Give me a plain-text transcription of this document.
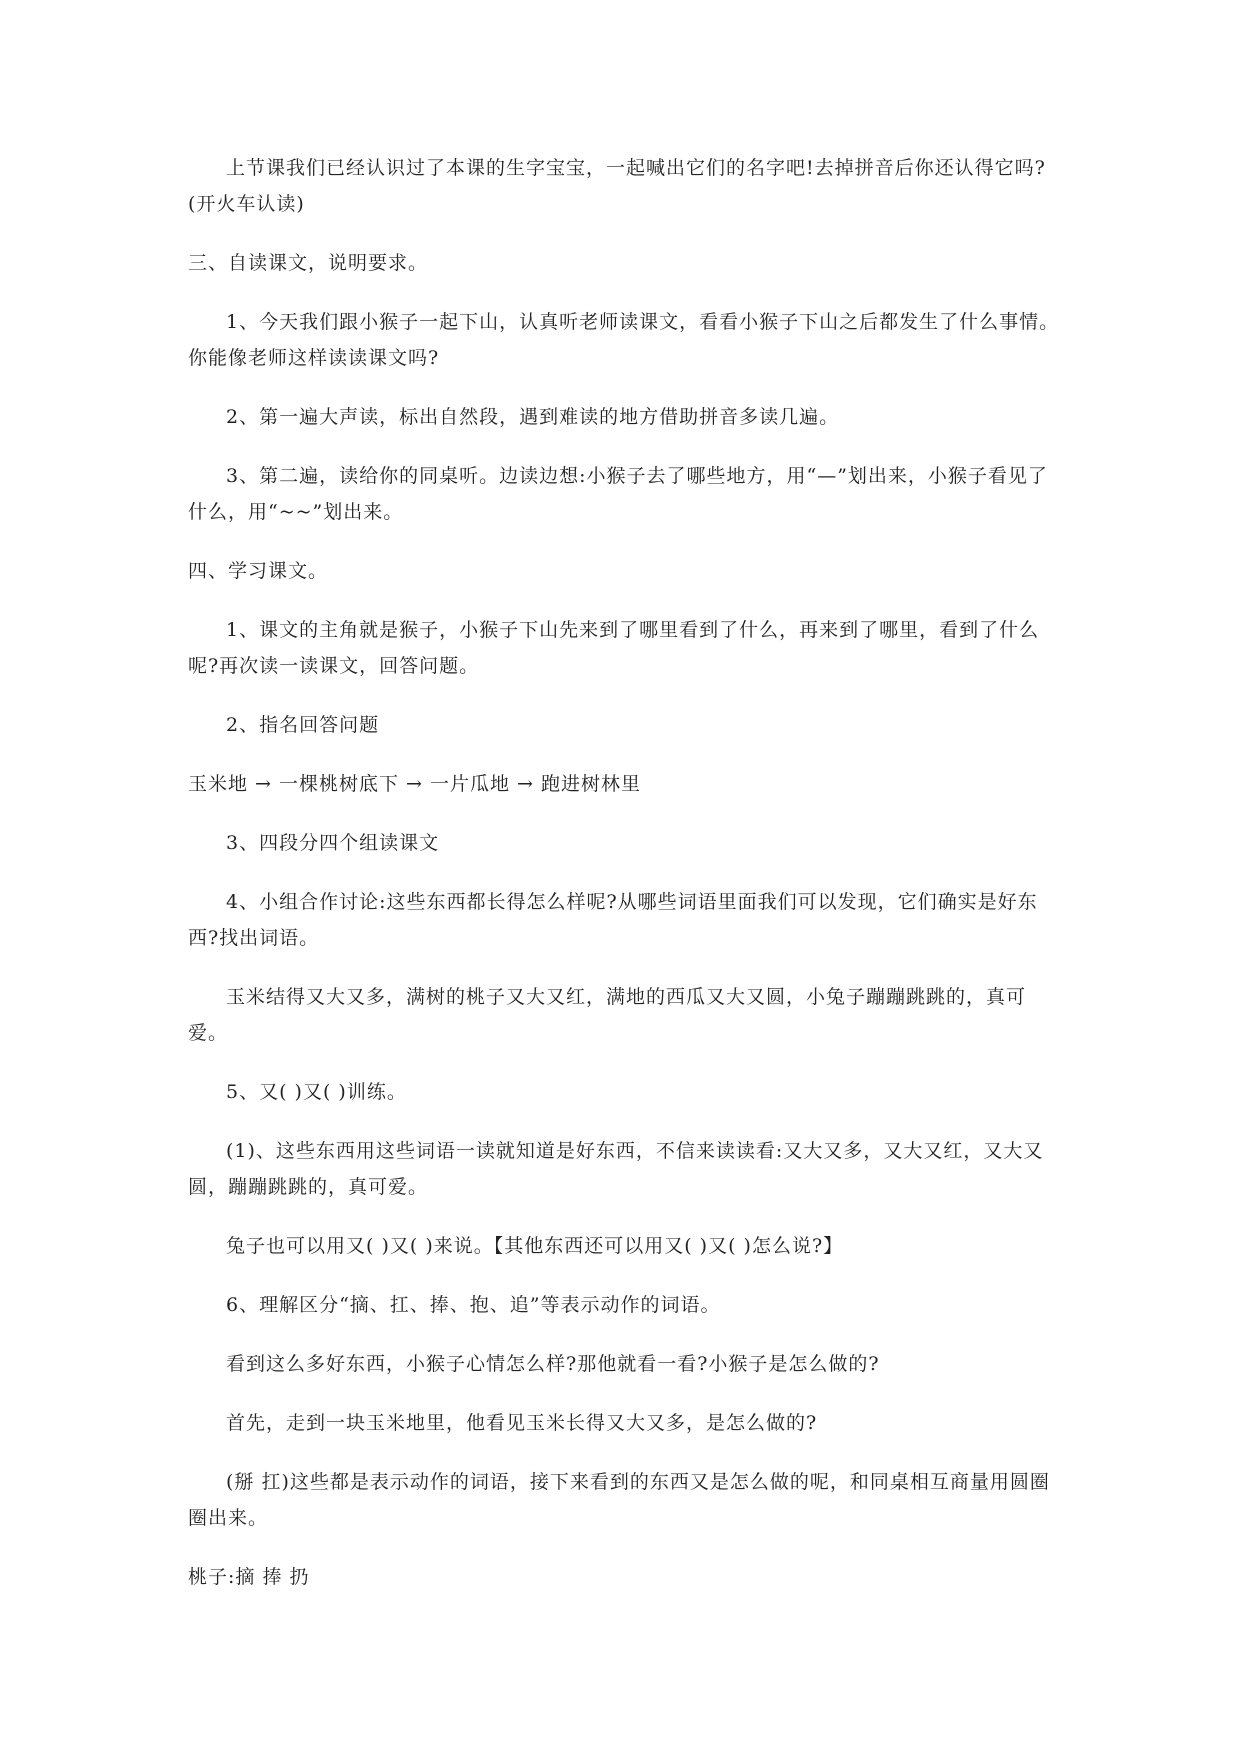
上节课我们已经认识过了本课的生字宝宝，一起喊出它们的名字吧!去掉拼音后你还认得它吗?(开火车认读)

三、自读课文，说明要求。

1、今天我们跟小猴子一起下山，认真听老师读课文，看看小猴子下山之后都发生了什么事情。你能像老师这样读读课文吗?

2、第一遍大声读，标出自然段，遇到难读的地方借助拼音多读几遍。

3、第二遍，读给你的同桌听。边读边想:小猴子去了哪些地方，用“—”划出来，小猴子看见了什么，用“~~”划出来。

四、学习课文。

1、课文的主角就是猴子，小猴子下山先来到了哪里看到了什么，再来到了哪里，看到了什么呢?再次读一读课文，回答问题。

2、指名回答问题

玉米地 → 一棵桃树底下 → 一片瓜地 → 跑进树林里

3、四段分四个组读课文

4、小组合作讨论:这些东西都长得怎么样呢?从哪些词语里面我们可以发现，它们确实是好东西?找出词语。

玉米结得又大又多，满树的桃子又大又红，满地的西瓜又大又圆，小兔子蹦蹦跳跳的，真可爱。

5、又( )又( )训练。

(1)、这些东西用这些词语一读就知道是好东西，不信来读读看:又大又多，又大又红，又大又圆，蹦蹦跳跳的，真可爱。

兔子也可以用又( )又( )来说。【其他东西还可以用又( )又( )怎么说?】

6、理解区分“摘、扛、捧、抱、追”等表示动作的词语。

看到这么多好东西，小猴子心情怎么样?那他就看一看?小猴子是怎么做的?

首先，走到一块玉米地里，他看见玉米长得又大又多，是怎么做的?

(掰 扛)这些都是表示动作的词语，接下来看到的东西又是怎么做的呢，和同桌相互商量用圆圈圈出来。

桃子:摘 捧 扔
